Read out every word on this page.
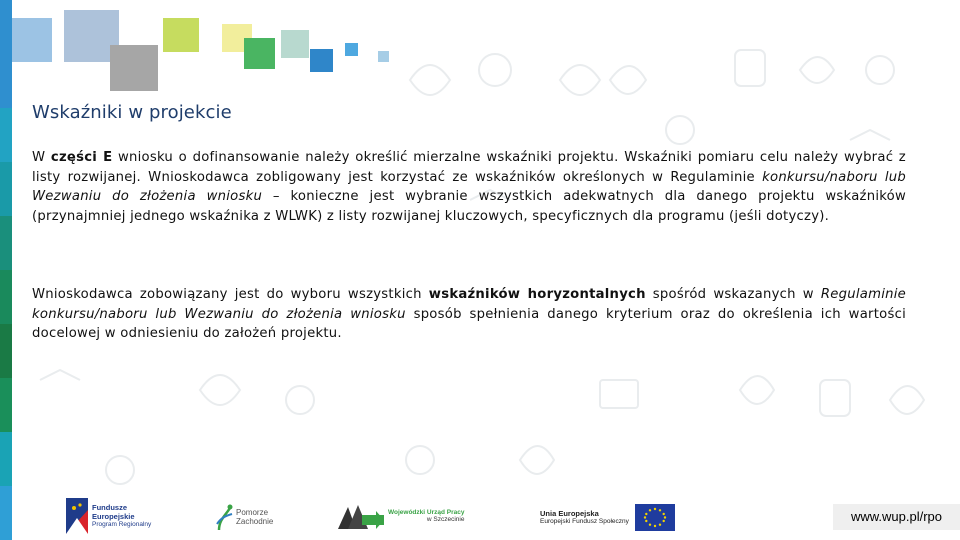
Wskaźniki w projekcie
W części E wniosku o dofinansowanie należy określić mierzalne wskaźniki projektu. Wskaźniki pomiaru celu należy wybrać z listy rozwijanej. Wnioskodawca zobligowany jest korzystać ze wskaźników określonych w Regulaminie konkursu/naboru lub Wezwaniu do złożenia wniosku – konieczne jest wybranie wszystkich adekwatnych dla danego projektu wskaźników (przynajmniej jednego wskaźnika z WLWK) z listy rozwijanej kluczowych, specyficznych dla programu (jeśli dotyczy).
Wnioskodawca zobowiązany jest do wyboru wszystkich wskaźników horyzontalnych spośród wskazanych w Regulaminie konkursu/naboru lub Wezwaniu do złożenia wniosku sposób spełnienia danego kryterium oraz do określenia ich wartości docelowej w odniesieniu do założeń projektu.
Fundusze
Europejskie
Program Regionalny
Pomorze
Zachodnie
Wojewódzki Urząd Pracy
w Szczecinie
Unia Europejska
Europejski Fundusz Społeczny	www.wup.pl/rpo
